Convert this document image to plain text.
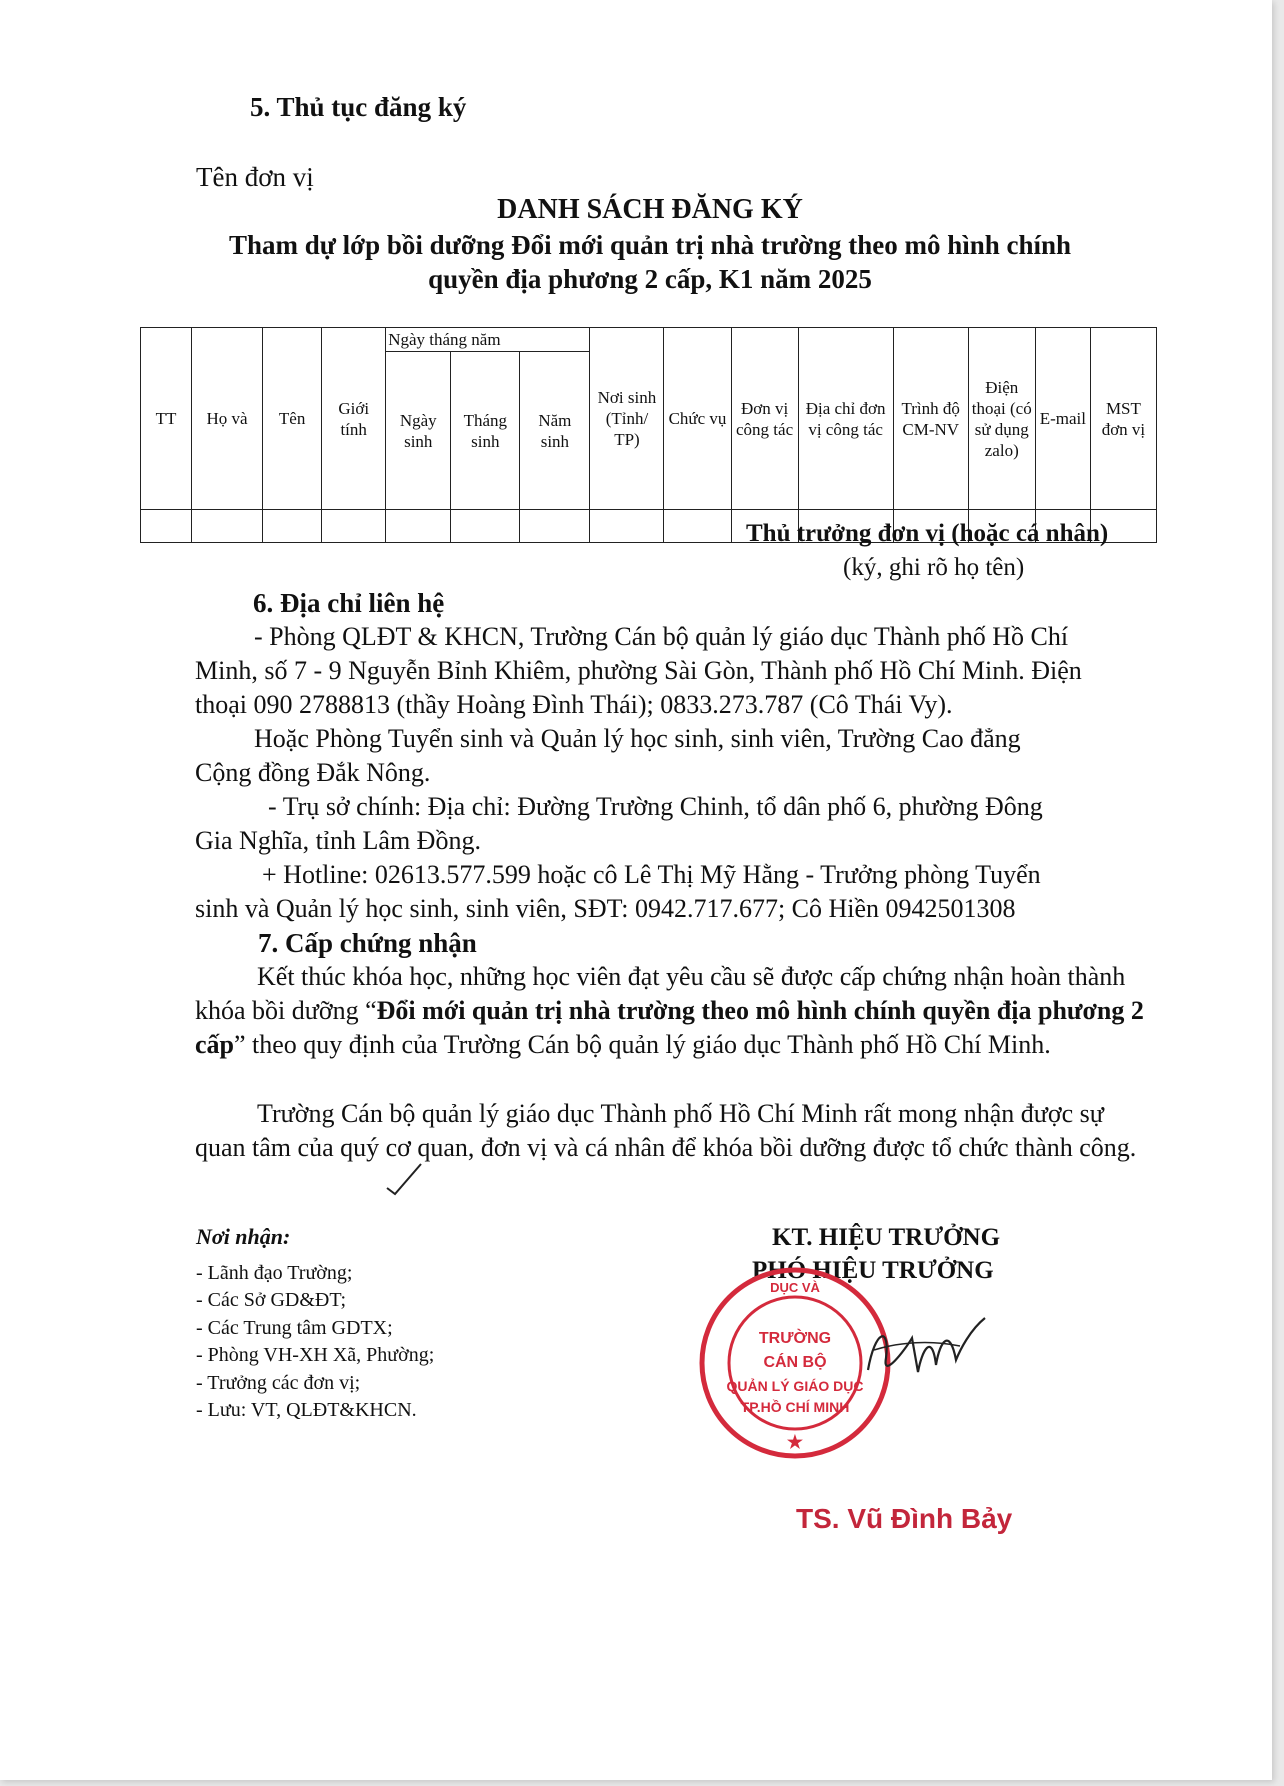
5. Thủ tục đăng ký
Tên đơn vị
DANH SÁCH ĐĂNG KÝ
Tham dự lớp bồi dưỡng Đổi mới quản trị nhà trường theo mô hình chính
quyền địa phương 2 cấp, K1 năm 2025
TT	Họ và	Tên	Giới tính	Ngày tháng năm			Nơi sinh (Tỉnh/ TP)	Chức vụ	Đơn vị công tác	Địa chỉ đơn vị công tác	Trình độ CM-NV	Điện thoại (có sử dụng zalo)	E-mail	MST đơn vị
				Ngày sinh	Tháng sinh	Năm sinh								

Thủ trưởng đơn vị (hoặc cá nhân)
(ký, ghi rõ họ tên)
6. Địa chỉ liên hệ
- Phòng QLĐT & KHCN, Trường Cán bộ quản lý giáo dục Thành phố Hồ Chí
Minh, số 7 - 9 Nguyễn Bỉnh Khiêm, phường Sài Gòn, Thành phố Hồ Chí Minh. Điện
thoại 090 2788813 (thầy Hoàng Đình Thái); 0833.273.787 (Cô Thái Vy).
Hoặc Phòng Tuyển sinh và Quản lý học sinh, sinh viên, Trường Cao đẳng
Cộng đồng Đắk Nông.
- Trụ sở chính: Địa chỉ: Đường Trường Chinh, tổ dân phố 6, phường Đông
Gia Nghĩa, tỉnh Lâm Đồng.
+ Hotline: 02613.577.599 hoặc cô Lê Thị Mỹ Hằng - Trưởng phòng Tuyển
sinh và Quản lý học sinh, sinh viên, SĐT: 0942.717.677; Cô Hiền 0942501308
7. Cấp chứng nhận
Kết thúc khóa học, những học viên đạt yêu cầu sẽ được cấp chứng nhận hoàn thành khóa bồi dưỡng “Đổi mới quản trị nhà trường theo mô hình chính quyền địa phương 2 cấp” theo quy định của Trường Cán bộ quản lý giáo dục Thành phố Hồ Chí Minh.
Trường Cán bộ quản lý giáo dục Thành phố Hồ Chí Minh rất mong nhận được sự quan tâm của quý cơ quan, đơn vị và cá nhân để khóa bồi dưỡng được tổ chức thành công.
Nơi nhận:
- Lãnh đạo Trường;
- Các Sở GD&ĐT;
- Các Trung tâm GDTX;
- Phòng VH-XH Xã, Phường;
- Trưởng các đơn vị;
- Lưu: VT, QLĐT&KHCN.
KT. HIỆU TRƯỞNG
PHÓ HIỆU TRƯỞNG
DỤC VÀ
★
TRƯỜNG
CÁN BỘ
QUẢN LÝ GIÁO DỤC
TP.HỒ CHÍ MINH
TS. Vũ Đình Bảy
